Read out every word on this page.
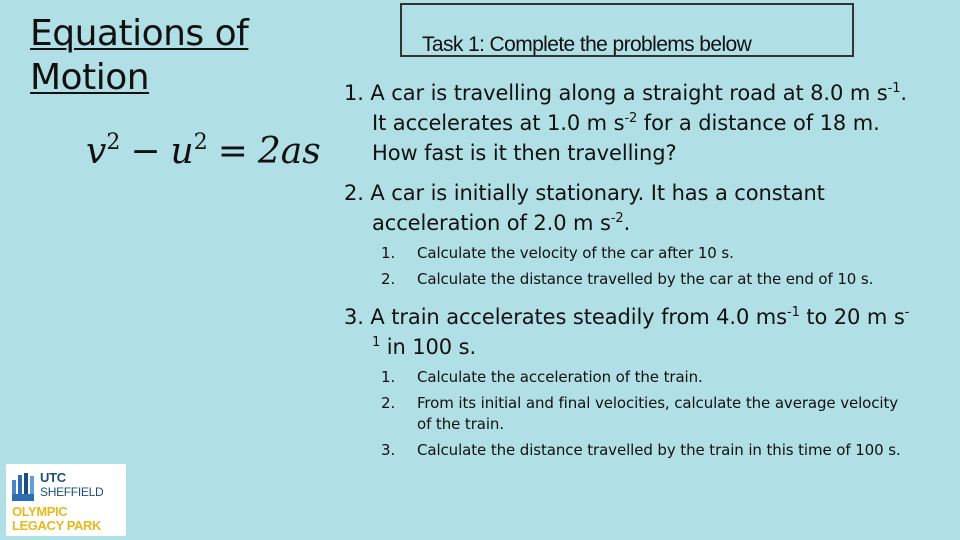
Equations of
Motion
$v^2 - u^2 = 2as$
Task 1: Complete the problems below
1. A car is travelling along a straight road at 8.0 m $s^{-1}$.
It accelerates at 1.0 m $s^{-2}$ for a distance of 18 m.
How fast is it then travelling?
2. A car is initially stationary. It has a constant
acceleration of 2.0 m $s^{-2}$.
1. Calculate the velocity of the car after 10 s.
2. Calculate the distance travelled by the car at the end of 10 s.
3. A train accelerates steadily from 4.0 $ms^{-1}$ to 20 m s-
$^1$ in 100 s.
1. Calculate the acceleration of the train.
2. From its initial and final velocities, calculate the average velocity
of the train.
3. Calculate the distance travelled by the train in this time of 100 s.
UTC
SHEFFIELD
OLYMPIC
LEGACY PARK
